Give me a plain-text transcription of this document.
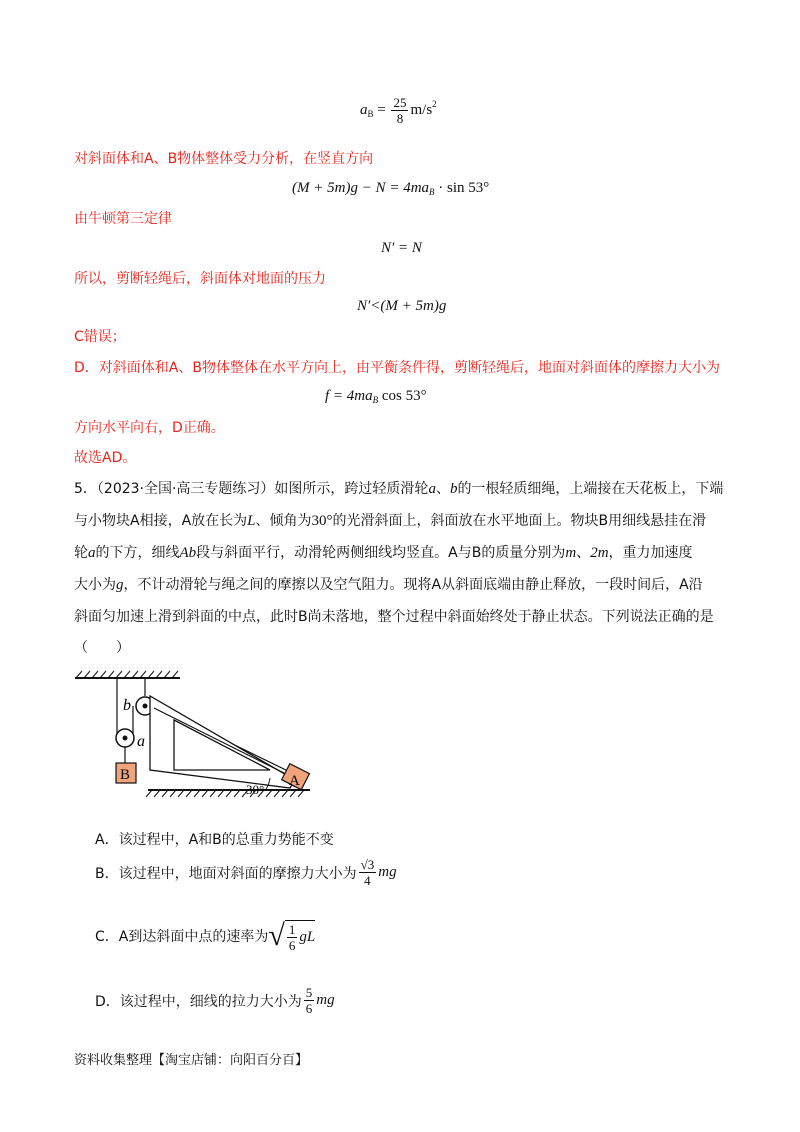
$a_B = \frac{25}{8} m/s^2$
对斜面体和A、B物体整体受力分析，在竖直方向
$(M + 5m)g - N = 4ma_B \cdot \sin 53^\circ$
由牛顿第三定律
N′ = N
所以，剪断轻绳后，斜面体对地面的压力
N′<(M + 5m)g
C错误；
D．对斜面体和A、B物体整体在水平方向上，由平衡条件得，剪断轻绳后，地面对斜面体的摩擦力大小为
$f = 4ma_B$ cos 53°
方向水平向右，D正确。
故选AD。
5．（2023·全国·高三专题练习）如图所示，跨过轻质滑轮a、b的一根轻质细绳，上端接在天花板上，下端
与小物块A相接，A放在长为L、倾角为30°的光滑斜面上，斜面放在水平地面上。物块B用细线悬挂在滑
轮a的下方，细线Ab段与斜面平行，动滑轮两侧细线均竖直。A与B的质量分别为m、2m，重力加速度
大小为g，不计动滑轮与绳之间的摩擦以及空气阻力。现将A从斜面底端由静止释放，一段时间后，A沿
斜面匀加速上滑到斜面的中点，此时B尚未落地，整个过程中斜面始终处于静止状态。下列说法正确的是
（　　）
b
a
B
30°
A
A．该过程中，A和B的总重力势能不变
B．该过程中，地面对斜面的摩擦力大小为 $\frac{√3}{4}$ mg
C．A到达斜面中点的速率为 √ $\frac{1}{6}$ gL
D．该过程中，细线的拉力大小为 $\frac{5}{6}$ mg
资料收集整理【淘宝店铺：向阳百分百】
